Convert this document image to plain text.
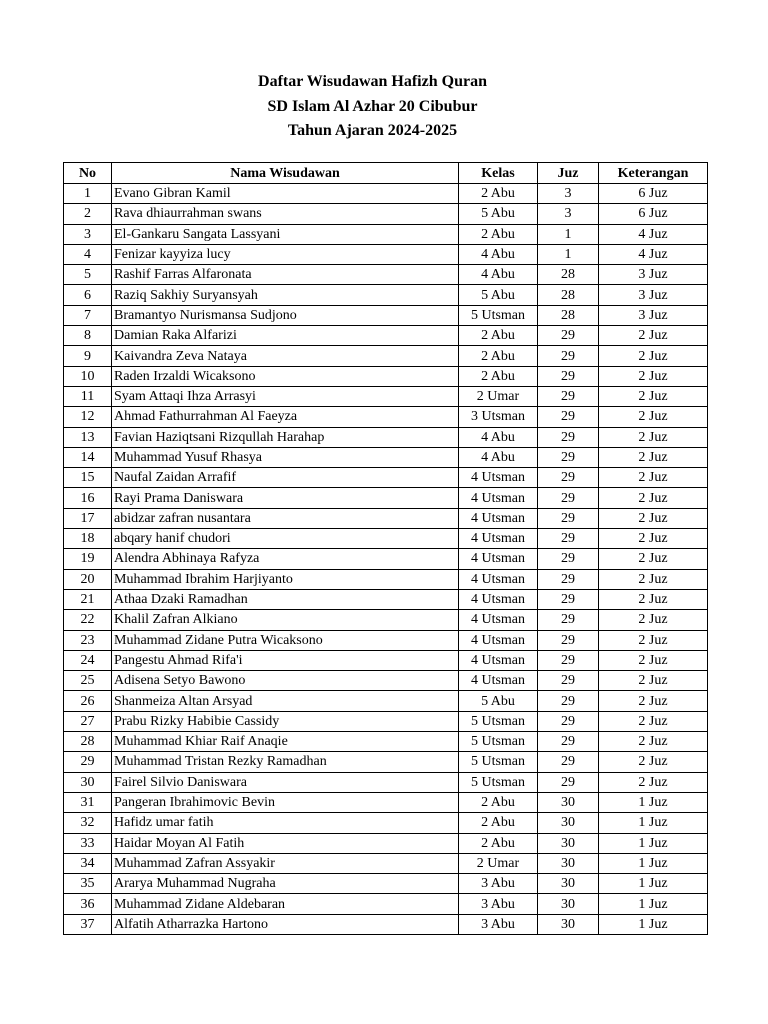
Daftar Wisudawan Hafizh Quran
SD Islam Al Azhar 20 Cibubur
Tahun Ajaran 2024-2025
No	Nama Wisudawan	Kelas	Juz	Keterangan
1	Evano Gibran Kamil	2 Abu	3	6 Juz
2	Rava dhiaurrahman swans	5 Abu	3	6 Juz
3	El-Gankaru Sangata Lassyani	2 Abu	1	4 Juz
4	Fenizar kayyiza lucy	4 Abu	1	4 Juz
5	Rashif Farras Alfaronata	4 Abu	28	3 Juz
6	Raziq Sakhiy Suryansyah	5 Abu	28	3 Juz
7	Bramantyo Nurismansa Sudjono	5 Utsman	28	3 Juz
8	Damian Raka Alfarizi	2 Abu	29	2 Juz
9	Kaivandra Zeva Nataya	2 Abu	29	2 Juz
10	Raden Irzaldi Wicaksono	2 Abu	29	2 Juz
11	Syam Attaqi Ihza Arrasyi	2 Umar	29	2 Juz
12	Ahmad Fathurrahman Al Faeyza	3 Utsman	29	2 Juz
13	Favian Haziqtsani Rizqullah Harahap	4 Abu	29	2 Juz
14	Muhammad Yusuf Rhasya	4 Abu	29	2 Juz
15	Naufal Zaidan Arrafif	4 Utsman	29	2 Juz
16	Rayi Prama Daniswara	4 Utsman	29	2 Juz
17	abidzar zafran nusantara	4 Utsman	29	2 Juz
18	abqary hanif chudori	4 Utsman	29	2 Juz
19	Alendra Abhinaya Rafyza	4 Utsman	29	2 Juz
20	Muhammad Ibrahim Harjiyanto	4 Utsman	29	2 Juz
21	Athaa Dzaki Ramadhan	4 Utsman	29	2 Juz
22	Khalil Zafran Alkiano	4 Utsman	29	2 Juz
23	Muhammad Zidane Putra Wicaksono	4 Utsman	29	2 Juz
24	Pangestu Ahmad Rifa'i	4 Utsman	29	2 Juz
25	Adisena Setyo Bawono	4 Utsman	29	2 Juz
26	Shanmeiza Altan Arsyad	5 Abu	29	2 Juz
27	Prabu Rizky Habibie Cassidy	5 Utsman	29	2 Juz
28	Muhammad Khiar Raif Anaqie	5 Utsman	29	2 Juz
29	Muhammad Tristan Rezky Ramadhan	5 Utsman	29	2 Juz
30	Fairel Silvio Daniswara	5 Utsman	29	2 Juz
31	Pangeran Ibrahimovic Bevin	2 Abu	30	1 Juz
32	Hafidz umar fatih	2 Abu	30	1 Juz
33	Haidar Moyan Al Fatih	2 Abu	30	1 Juz
34	Muhammad Zafran Assyakir	2 Umar	30	1 Juz
35	Ararya Muhammad Nugraha	3 Abu	30	1 Juz
36	Muhammad Zidane Aldebaran	3 Abu	30	1 Juz
37	Alfatih Atharrazka Hartono	3 Abu	30	1 Juz
